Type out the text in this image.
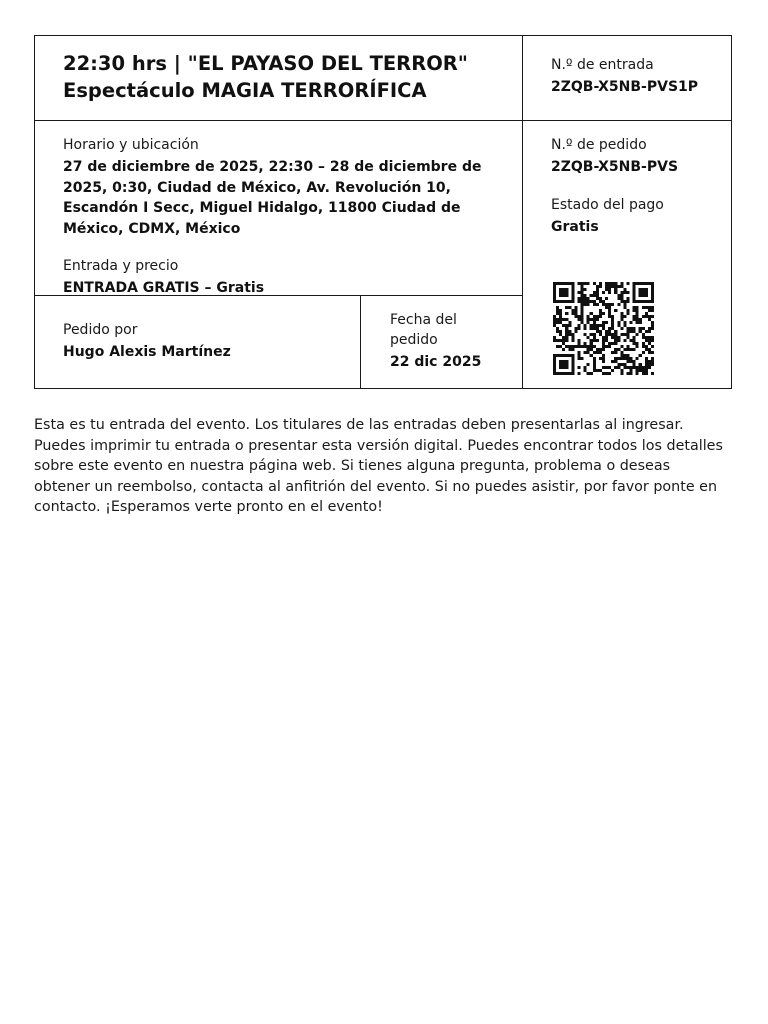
22:30 hrs | "EL PAYASO DEL TERROR"
Espectáculo MAGIA TERRORÍFICA
N.º de entrada
2ZQB-X5NB-PVS1P
Horario y ubicación
27 de diciembre de 2025, 22:30 – 28 de diciembre de 2025, 0:30, Ciudad de México, Av. Revolución 10, Escandón I Secc, Miguel Hidalgo, 11800 Ciudad de México, CDMX, México
Entrada y precio
ENTRADA GRATIS – Gratis
N.º de pedido
2ZQB-X5NB-PVS
Estado del pago
Gratis
Pedido por
Hugo Alexis Martínez
Fecha del pedido
22 dic 2025
Esta es tu entrada del evento. Los titulares de las entradas deben presentarlas al ingresar. Puedes imprimir tu entrada o presentar esta versión digital. Puedes encontrar todos los detalles sobre este evento en nuestra página web. Si tienes alguna pregunta, problema o deseas obtener un reembolso, contacta al anfitrión del evento. Si no puedes asistir, por favor ponte en contacto. ¡Esperamos verte pronto en el evento!
